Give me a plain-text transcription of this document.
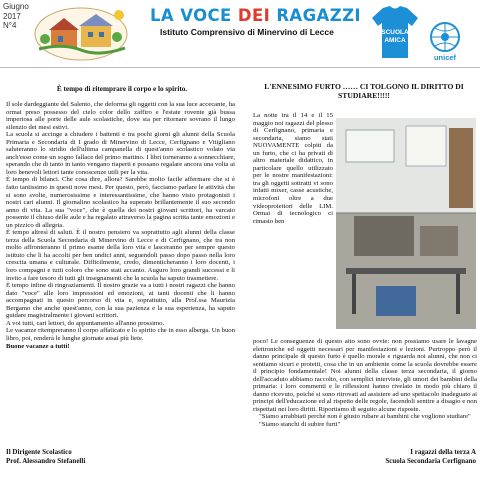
Giugno
2017
N°4
LA VOCE DEI RAGAZZI
Istituto Comprensivo di Minervino di Lecce	SCUOLA
AMICA
unicef
È tempo di ritemprare il corpo e lo spirito.

Il sole dardeggiante del Salento, che deforma gli oggetti con la sua luce accecante, ha ormai preso possesso del cielo color dello zaffiro e l'estate rovente già bussa imperiosa alle porte delle aule scolastiche, dove sta per ritornare sovrano il lungo silenzio dei mesi estivi.

La scuola si accinge a chiudere i battenti e tra pochi giorni gli alunni della Scuola Primaria e Secondaria di I grado di Minervino di Lecce, Cerfignano e Vitigliano saluteranno lo stridio dell'ultima campanella di quest'anno scolastico volato via anch'esso come un sogno fallace del primo mattino. I libri torneranno a sonnecchiare, sperando che di tanto in tanto vengano riaperti e possano regalare ancora una volta ai loro benevoli lettori tante conoscenze utili per la vita.

È tempo di bilanci. Che cosa dire, allora? Sarebbe molto facile affermare che si è fatto tantissimo in questi nove mesi. Per questo, però, facciamo parlare le attività che si sono svolte, numerosissime e interessantissime, che hanno visto protagonisti i nostri cari alunni. Il giornalino scolastico ha superato brillantemente il suo secondo anno di vita. La sua "voce", che è quella dei nostri giovani scrittori, ha varcato possente il chiuso delle aule e ha regalato attraverso la pagina scritta tante emozioni e un pizzico di allegria.

È tempo altresì di saluti. È il nostro pensiero va soprattutto agli alunni della classe terza della Scuola Secondaria di Minervino di Lecce e di Cerfignano, che tra non molto affronteranno il primo esame della loro vita e lasceranno per sempre questo istituto che li ha accolti per ben undici anni, seguendoli passo dopo passo nella loro crescita umana e culturale. Difficilmente, credo, dimenticheranno i loro docenti, i loro compagni e tutti coloro che sono stati accanto. Auguro loro grandi successi e li invito a fare tesoro di tutti gli insegnamenti che la scuola ha saputo trasmettere.

È tempo infine di ringraziamenti. Il nostro grazie va a tutti i nostri ragazzi che hanno dato "voce" alle loro impressioni ed emozioni, ai tanti docenti che li hanno accompagnati in questo percorso di vita e, soprattutto, alla Prof.ssa Maurizia Bergamo che anche quest'anno, con la sua pazienza e la sua esperienza, ha saputo guidare magistralmente i giovani scrittori.

A voi tutti, cari lettori, do appuntamento all'anno prossimo.

Le vacanze ritempreranno il corpo affaticato e lo spirito che in esso alberga. Un buon libro, poi, renderà le lunghe giornate assai più liete.

Buone vacanze a tutti!

Il Dirigente Scolastico
Prof. Alessandro Stefanelli
L'ENNESIMO FURTO …… CI TOLGONO IL DIRITTO DI STUDIARE!!!!!
La notte tra il 14 e il 15 maggio noi ragazzi del plesso di Cerfignano, primaria e secondaria, siamo stati NUOVAMENTE colpiti da un furto, che ci ha privati di altro materiale didattico, in particolare quello utilizzato per le nostre manifestazioni: tra gli oggetti sottratti vi sono infatti mixer, casse acustiche, microfoni oltre a due videoproiettori delle LIM. Ormai di tecnologico ci rimasto ben

poco! Le conseguenze di questo atto sono ovvie: non possiamo usare le lavagne elettroniche ed oggetti necessari per manifestazioni e lezioni. Purtroppo però il danno principale di questo furto è quello morale e riguarda noi alunni, che non ci sentiamo sicuri e protetti, cosa che in un ambiente come la scuola dovrebbe essere il principio fondamentale! Noi alunni della classe terza secondaria, il giorno dell'accaduto abbiamo raccolto, con semplici interviste, gli umori dei bambini della primaria: i loro commenti e le riflessioni hanno rivelato in modo più chiaro il danno ricevuto, poiché si sono ritrovati ad assistere ad uno spettacolo inadeguato ai principi dell'educazione ed al rispetto delle regole, facendoli sentire a disagio e non rispettati nei loro diritti. Riportiamo di seguito alcune risposte.

"Siamo arrabbiati perché non è giusto rubare ai bambini che vogliono studiare"

"Siamo stanchi di subire furti"

I ragazzi della terza A
Scuola Secondaria Cerfignano
